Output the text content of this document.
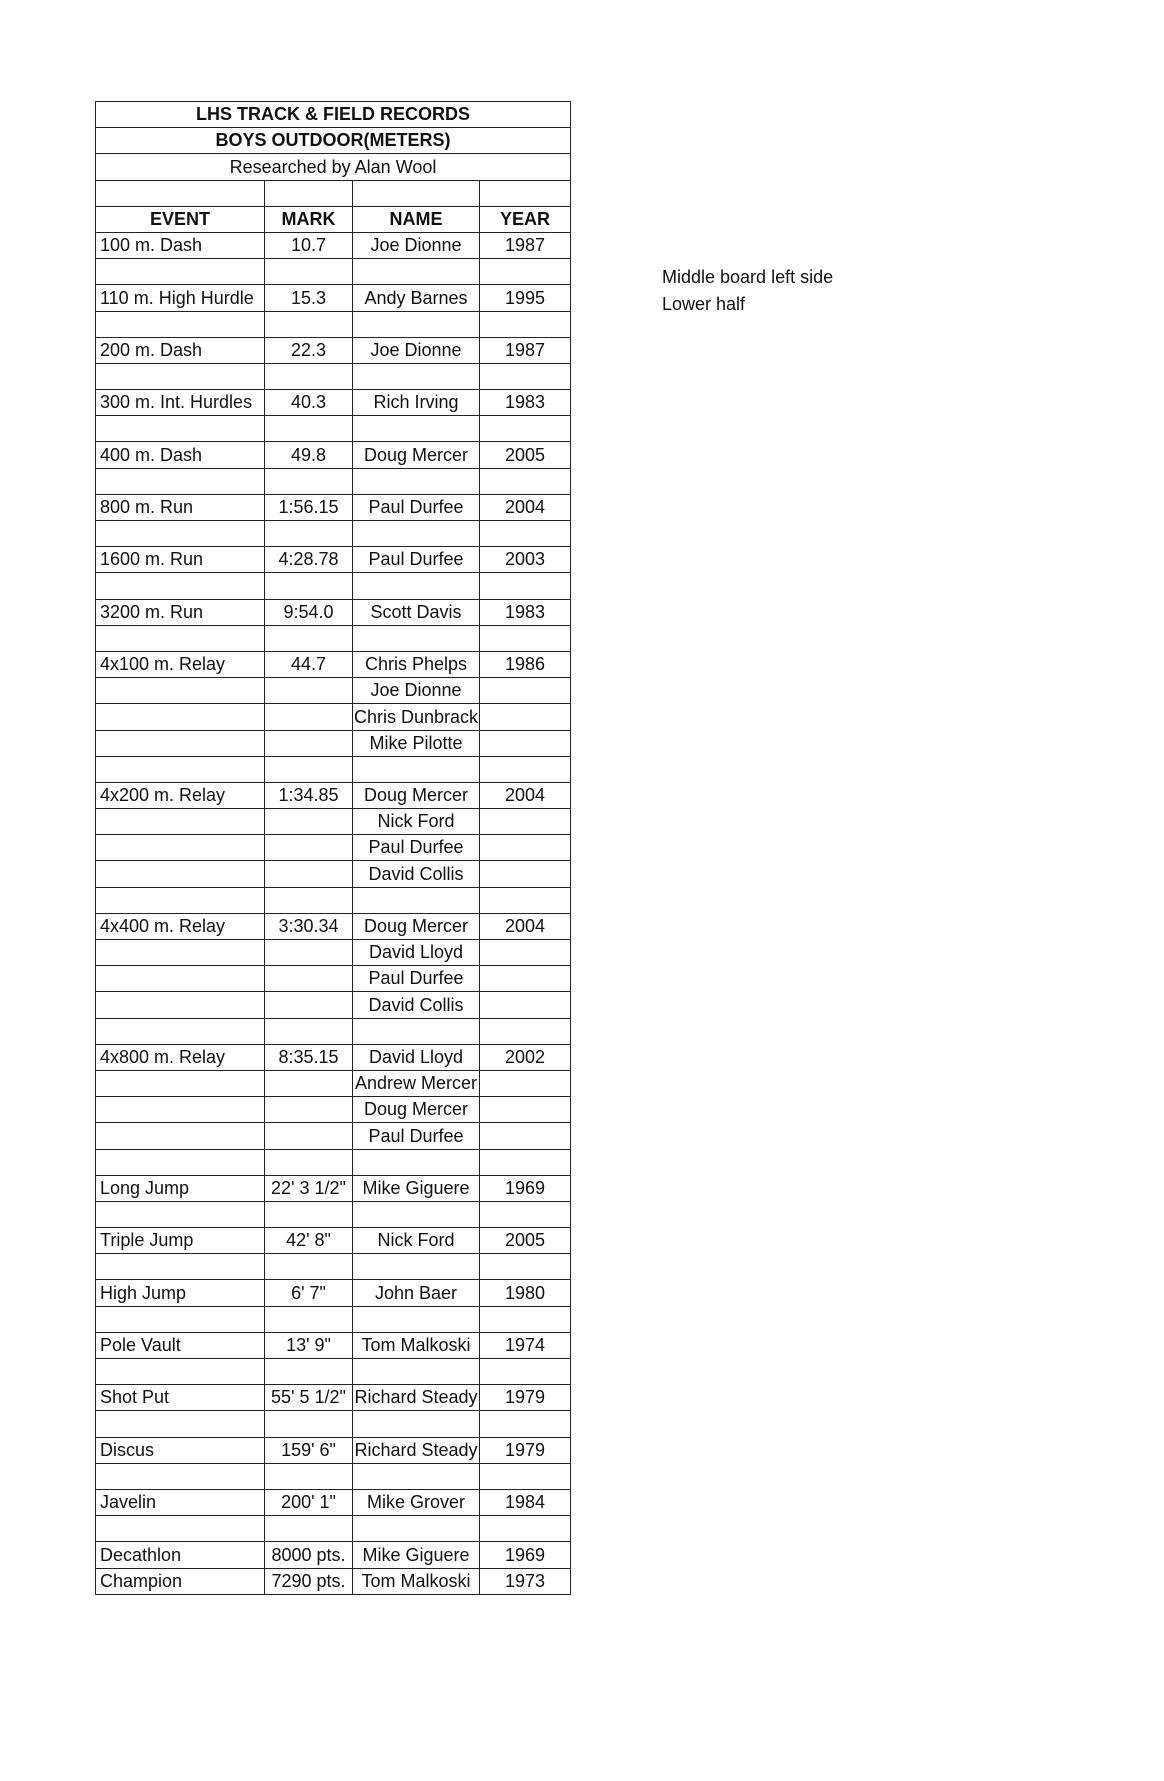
LHS TRACK & FIELD RECORDS			
BOYS OUTDOOR(METERS)			
Researched by Alan Wool			

EVENT	MARK	NAME	YEAR
100 m. Dash	10.7	Joe Dionne	1987

110 m. High Hurdle	15.3	Andy Barnes	1995

200 m. Dash	22.3	Joe Dionne	1987

300 m. Int. Hurdles	40.3	Rich Irving	1983

400 m. Dash	49.8	Doug Mercer	2005

800 m. Run	1:56.15	Paul Durfee	2004

1600 m. Run	4:28.78	Paul Durfee	2003

3200 m. Run	9:54.0	Scott Davis	1983

4x100 m. Relay	44.7	Chris Phelps	1986
		Joe Dionne	
		Chris Dunbrack	
		Mike Pilotte	

4x200 m. Relay	1:34.85	Doug Mercer	2004
		Nick Ford	
		Paul Durfee	
		David Collis	

4x400 m. Relay	3:30.34	Doug Mercer	2004
		David Lloyd	
		Paul Durfee	
		David Collis	

4x800 m. Relay	8:35.15	David Lloyd	2002
		Andrew Mercer	
		Doug Mercer	
		Paul Durfee	

Long Jump	22' 3 1/2"	Mike Giguere	1969

Triple Jump	42' 8"	Nick Ford	2005

High Jump	6' 7"	John Baer	1980

Pole Vault	13' 9"	Tom Malkoski	1974

Shot Put	55' 5 1/2"	Richard Steady	1979

Discus	159' 6"	Richard Steady	1979

Javelin	200' 1"	Mike Grover	1984

Decathlon	8000 pts.	Mike Giguere	1969
Champion	7290 pts.	Tom Malkoski	1973
Middle board left side
Lower half
